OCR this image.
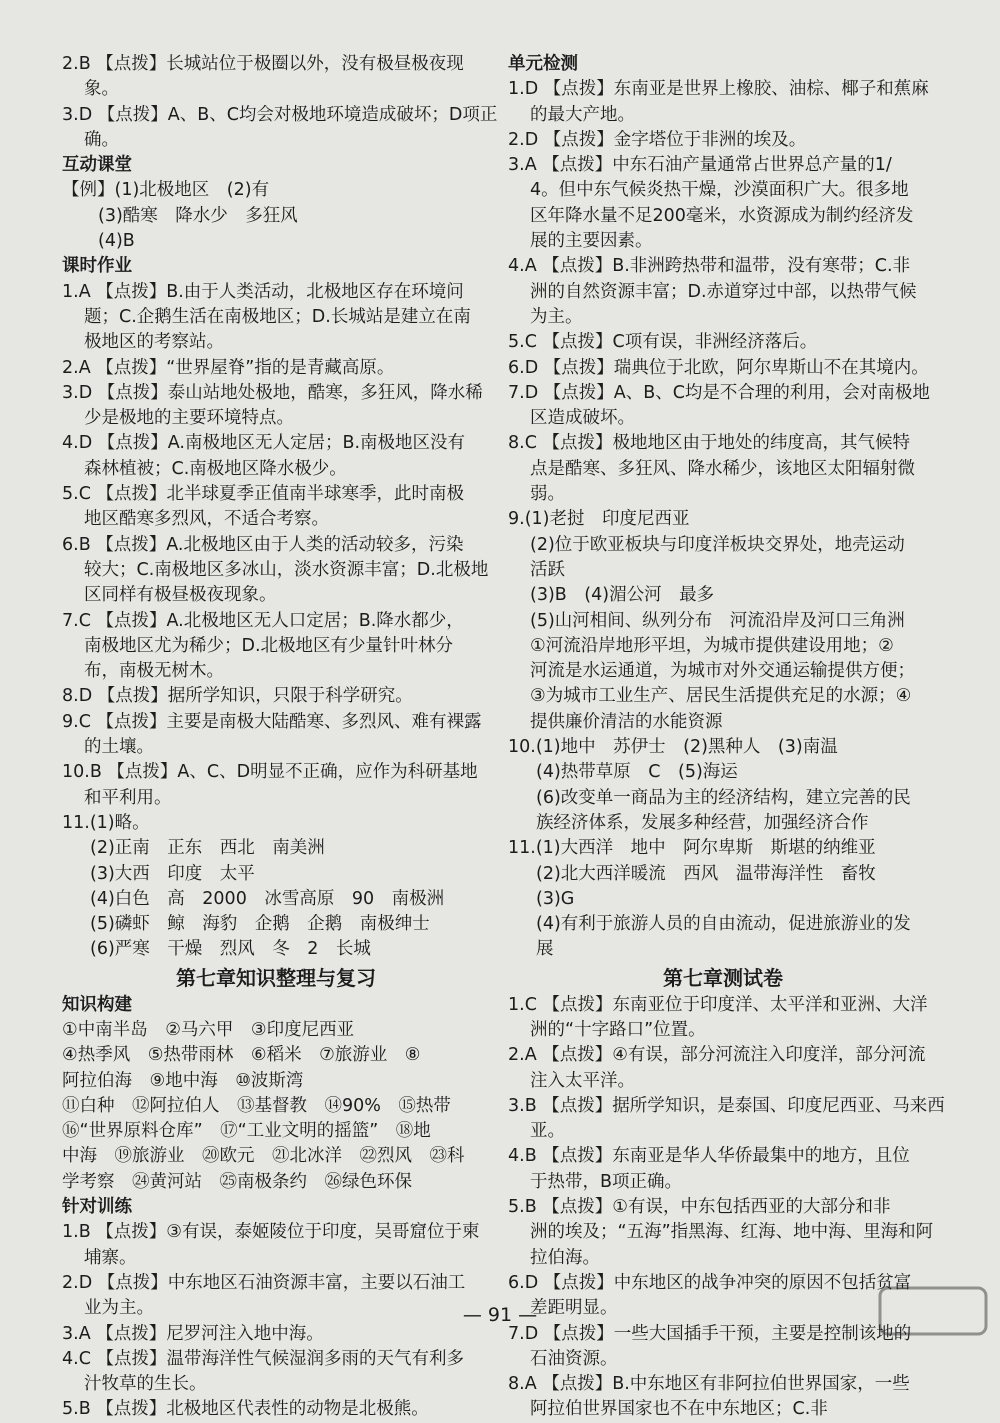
2.B 【点拨】长城站位于极圈以外，没有极昼极夜现
象。
3.D 【点拨】A、B、C均会对极地环境造成破坏；D项正
确。
互动课堂
【例】(1)北极地区　(2)有
(3)酷寒　降水少　多狂风
(4)B
课时作业
1.A 【点拨】B.由于人类活动，北极地区存在环境问
题；C.企鹅生活在南极地区；D.长城站是建立在南
极地区的考察站。
2.A 【点拨】“世界屋脊”指的是青藏高原。
3.D 【点拨】泰山站地处极地，酷寒，多狂风，降水稀
少是极地的主要环境特点。
4.D 【点拨】A.南极地区无人定居；B.南极地区没有
森林植被；C.南极地区降水极少。
5.C 【点拨】北半球夏季正值南半球寒季，此时南极
地区酷寒多烈风，不适合考察。
6.B 【点拨】A.北极地区由于人类的活动较多，污染
较大；C.南极地区多冰山，淡水资源丰富；D.北极地
区同样有极昼极夜现象。
7.C 【点拨】A.北极地区无人口定居；B.降水都少，
南极地区尤为稀少；D.北极地区有少量针叶林分
布，南极无树木。
8.D 【点拨】据所学知识，只限于科学研究。
9.C 【点拨】主要是南极大陆酷寒、多烈风、难有裸露
的土壤。
10.B 【点拨】A、C、D明显不正确，应作为科研基地
和平利用。
11.(1)略。
(2)正南　正东　西北　南美洲
(3)大西　印度　太平
(4)白色　高　2000　冰雪高原　90　南极洲
(5)磷虾　鲸　海豹　企鹅　企鹅　南极绅士
(6)严寒　干燥　烈风　冬　2　长城
第七章知识整理与复习
知识构建
①中南半岛　②马六甲　③印度尼西亚
④热季风　⑤热带雨林　⑥稻米　⑦旅游业　⑧
阿拉伯海　⑨地中海　⑩波斯湾
⑪白种　⑫阿拉伯人　⑬基督教　⑭90%　⑮热带
⑯“世界原料仓库”　⑰“工业文明的摇篮”　⑱地
中海　⑲旅游业　⑳欧元　㉑北冰洋　㉒烈风　㉓科
学考察　㉔黄河站　㉕南极条约　㉖绿色环保
针对训练
1.B 【点拨】③有误，泰姬陵位于印度，吴哥窟位于柬
埔寨。
2.D 【点拨】中东地区石油资源丰富，主要以石油工
业为主。
3.A 【点拨】尼罗河注入地中海。
4.C 【点拨】温带海洋性气候湿润多雨的天气有利多
汁牧草的生长。
5.B 【点拨】北极地区代表性的动物是北极熊。
单元检测
1.D 【点拨】东南亚是世界上橡胶、油棕、椰子和蕉麻
的最大产地。
2.D 【点拨】金字塔位于非洲的埃及。
3.A 【点拨】中东石油产量通常占世界总产量的1/
4。但中东气候炎热干燥，沙漠面积广大。很多地
区年降水量不足200毫米，水资源成为制约经济发
展的主要因素。
4.A 【点拨】B.非洲跨热带和温带，没有寒带；C.非
洲的自然资源丰富；D.赤道穿过中部，以热带气候
为主。
5.C 【点拨】C项有误，非洲经济落后。
6.D 【点拨】瑞典位于北欧，阿尔卑斯山不在其境内。
7.D 【点拨】A、B、C均是不合理的利用，会对南极地
区造成破坏。
8.C 【点拨】极地地区由于地处的纬度高，其气候特
点是酷寒、多狂风、降水稀少，该地区太阳辐射微
弱。
9.(1)老挝　印度尼西亚
(2)位于欧亚板块与印度洋板块交界处，地壳运动
活跃
(3)B　(4)湄公河　最多
(5)山河相间、纵列分布　河流沿岸及河口三角洲
①河流沿岸地形平坦，为城市提供建设用地；②
河流是水运通道，为城市对外交通运输提供方便；
③为城市工业生产、居民生活提供充足的水源；④
提供廉价清洁的水能资源
10.(1)地中　苏伊士　(2)黑种人　(3)南温
(4)热带草原　C　(5)海运
(6)改变单一商品为主的经济结构，建立完善的民
族经济体系，发展多种经营，加强经济合作
11.(1)大西洋　地中　阿尔卑斯　斯堪的纳维亚
(2)北大西洋暖流　西风　温带海洋性　畜牧
(3)G
(4)有利于旅游人员的自由流动，促进旅游业的发
展
第七章测试卷
1.C 【点拨】东南亚位于印度洋、太平洋和亚洲、大洋
洲的“十字路口”位置。
2.A 【点拨】④有误，部分河流注入印度洋，部分河流
注入太平洋。
3.B 【点拨】据所学知识，是泰国、印度尼西亚、马来西
亚。
4.B 【点拨】东南亚是华人华侨最集中的地方，且位
于热带，B项正确。
5.B 【点拨】①有误，中东包括西亚的大部分和非
洲的埃及；“五海”指黑海、红海、地中海、里海和阿
拉伯海。
6.D 【点拨】中东地区的战争冲突的原因不包括贫富
差距明显。
7.D 【点拨】一些大国插手干预，主要是控制该地的
石油资源。
8.A 【点拨】B.中东地区有非阿拉伯世界国家，一些
阿拉伯世界国家也不在中东地区；C.非
— 91 —
